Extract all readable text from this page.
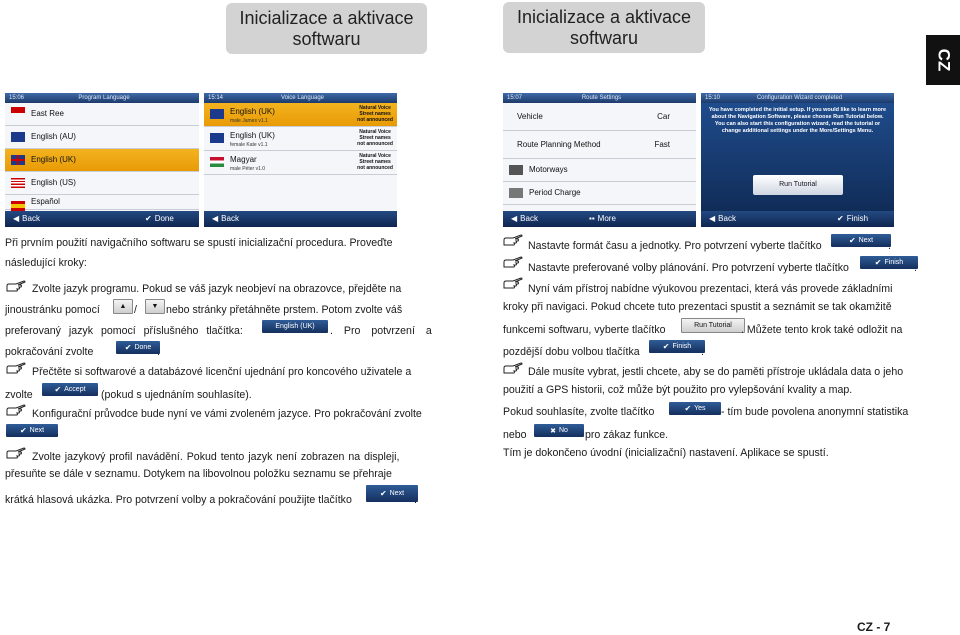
Inicializace a aktivace softwaru
Inicializace a aktivace softwaru
CZ
15:06	Program Language
East Ree
English (AU)
English (UK)
English (US)
Español
◀ Back	✔ Done
15:14	Voice Language
English (UK)
male James v1.1
Natural Voice
Street names
not announced
English (UK)
female Kate v1.1
Natural Voice
Street names
not announced
Magyar
male Péter v1.0
Natural Voice
Street names
not announced
◀ Back
15:07	Route Settings
Vehicle	Car
Route Planning Method	Fast
Motorways
Period Charge
◀ Back	▪▪ More
15:10	Configuration Wizard completed
You have completed the initial setup. If you would like to learn more about the Navigation Software, please choose Run Tutorial below. You can also start this configuration wizard, read the tutorial or change additional settings under the More/Settings Menu.
Run Tutorial
◀ Back	✔ Finish
Při prvním použití navigačního softwaru se spustí inicializační procedura. Proveďte
následující kroky:
Zvolte jazyk programu. Pokud se váš jazyk neobjeví na obrazovce, přejděte na
jinoustránku pomocí	▲ / ▼ nebo stránky přetáhněte prstem. Potom zvolte váš
preferovaný jazyk pomocí příslušného tlačítka:	English (UK) . Pro potvrzení a
pokračování zvolte	✔ Done .
Přečtěte si softwarové a databázové licenční ujednání pro koncového uživatele a
zvolte	✔ Accept (pokud s ujednáním souhlasíte).
Konfigurační průvodce bude nyní ve vámi zvoleném jazyce. Pro pokračování zvolte
✔ Next .
Zvolte jazykový profil navádění. Pokud tento jazyk není zobrazen na displeji,
přesuňte se dále v seznamu. Dotykem na libovolnou položku seznamu se přehraje
krátká hlasová ukázka. Pro potvrzení volby a pokračování použijte tlačítko
✔ Next
.
Nastavte formát času a jednotky. Pro potvrzení vyberte tlačítko	✔ Next .
Nastavte preferované volby plánování. Pro potvrzení vyberte tlačítko	✔ Finish .
Nyní vám přístroj nabídne výukovou prezentaci, která vás provede základními
kroky při navigaci. Pokud chcete tuto prezentaci spustit a seznámit se tak okamžitě
funkcemi softwaru, vyberte tlačítko	Run Tutorial . Můžete tento krok také odložit na
pozdější dobu volbou tlačítka	✔ Finish .
Dále musíte vybrat, jestli chcete, aby se do paměti přístroje ukládala data o jeho
použití a GPS historii, což může být použito pro vylepšování kvality a map.
Pokud souhlasíte, zvolte tlačítko	✔ Yes - tím bude povolena anonymní statistika
nebo	✖ No pro zákaz funkce.
Tím je dokončeno úvodní (inicializační) nastavení. Aplikace se spustí.
CZ - 7
